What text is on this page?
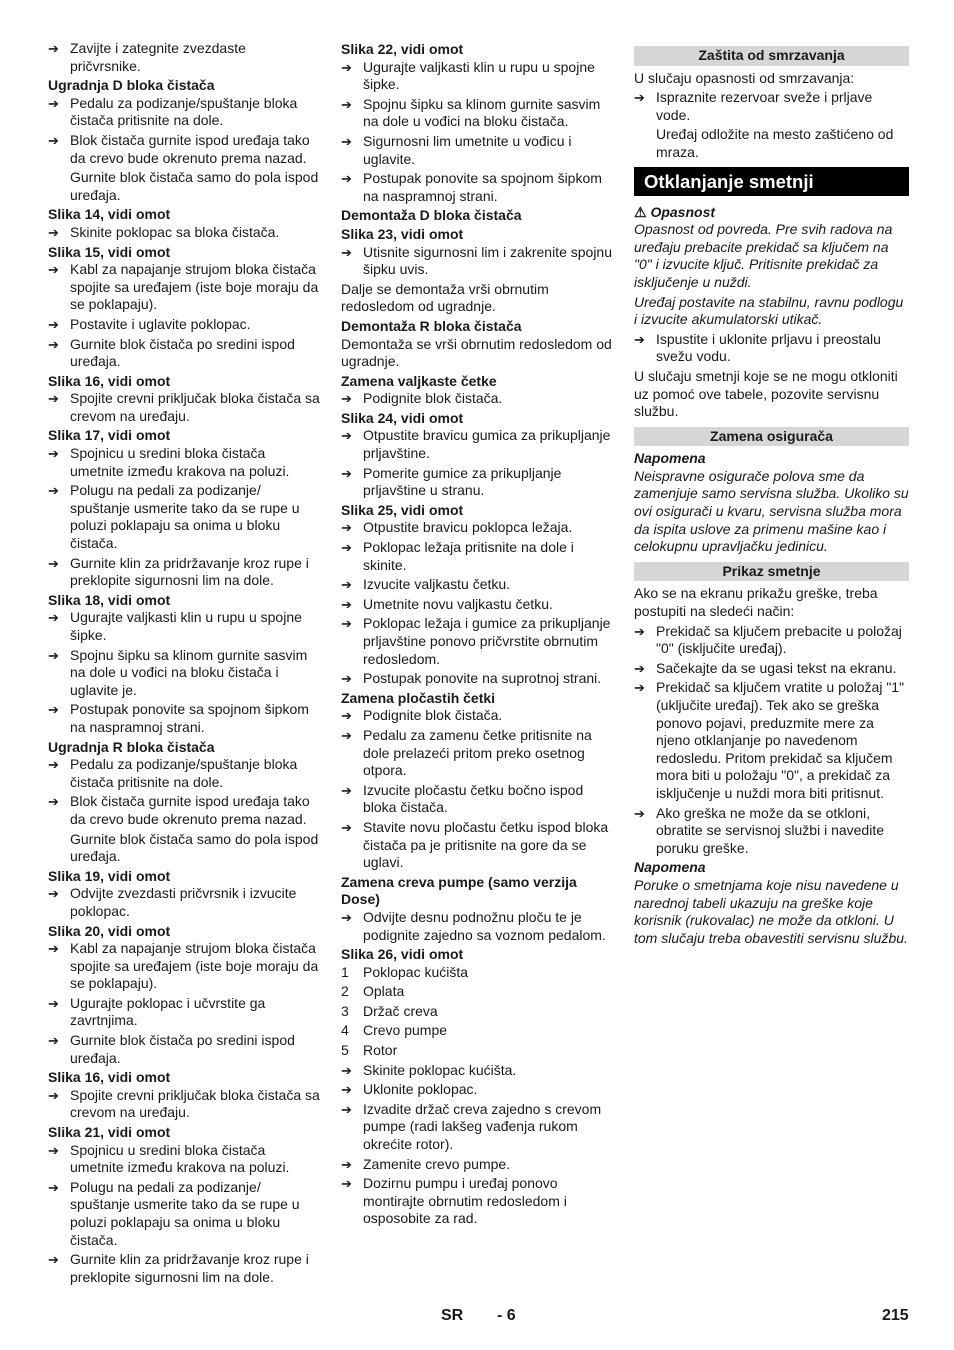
➔ Zavijte i zategnite zvezdaste pričvrsnike.
Ugradnja D bloka čistača
➔ Pedalu za podizanje/spuštanje bloka čistača pritisnite na dole.
➔ Blok čistača gurnite ispod uređaja tako da crevo bude okrenuto prema nazad.
Gurnite blok čistača samo do pola ispod uređaja.
Slika 14, vidi omot
➔ Skinite poklopac sa bloka čistača.
Slika 15, vidi omot
➔ Kabl za napajanje strujom bloka čistača spojite sa uređajem (iste boje moraju da se poklapaju).
➔ Postavite i uglavite poklopac.
➔ Gurnite blok čistača po sredini ispod uređaja.
Slika 16, vidi omot
➔ Spojite crevni priključak bloka čistača sa crevom na uređaju.
Slika 17, vidi omot
➔ Spojnicu u sredini bloka čistača umetnite između krakova na poluzi.
➔ Polugu na pedali za podizanje/ spuštanje usmerite tako da se rupe u poluzi poklapaju sa onima u bloku čistača.
➔ Gurnite klin za pridržavanje kroz rupe i preklopite sigurnosni lim na dole.
Slika 18, vidi omot
➔ Ugurajte valjkasti klin u rupu u spojne šipke.
➔ Spojnu šipku sa klinom gurnite sasvim na dole u vođici na bloku čistača i uglavite je.
➔ Postupak ponovite sa spojnom šipkom na naspramnoj strani.
Ugradnja R bloka čistača
➔ Pedalu za podizanje/spuštanje bloka čistača pritisnite na dole.
➔ Blok čistača gurnite ispod uređaja tako da crevo bude okrenuto prema nazad.
Gurnite blok čistača samo do pola ispod uređaja.
Slika 19, vidi omot
➔ Odvijte zvezdasti pričvrsnik i izvucite poklopac.
Slika 20, vidi omot
➔ Kabl za napajanje strujom bloka čistača spojite sa uređajem (iste boje moraju da se poklapaju).
➔ Ugurajte poklopac i učvrstite ga zavrtnjima.
➔ Gurnite blok čistača po sredini ispod uređaja.
Slika 16, vidi omot
➔ Spojite crevni priključak bloka čistača sa crevom na uređaju.
Slika 21, vidi omot
➔ Spojnicu u sredini bloka čistača umetnite između krakova na poluzi.
➔ Polugu na pedali za podizanje/ spuštanje usmerite tako da se rupe u poluzi poklapaju sa onima u bloku čistača.
➔ Gurnite klin za pridržavanje kroz rupe i preklopite sigurnosni lim na dole.
Slika 22, vidi omot
➔ Ugurajte valjkasti klin u rupu u spojne šipke.
➔ Spojnu šipku sa klinom gurnite sasvim na dole u vođici na bloku čistača.
➔ Sigurnosni lim umetnite u vođicu i uglavite.
➔ Postupak ponovite sa spojnom šipkom na naspramnoj strani.
Demontaža D bloka čistača
Slika 23, vidi omot
➔ Utisnite sigurnosni lim i zakrenite spojnu šipku uvis.
Dalje se demontaža vrši obrnutim redosledom od ugradnje.
Demontaža R bloka čistača
Demontaža se vrši obrnutim redosledom od ugradnje.
Zamena valjkaste četke
➔ Podignite blok čistača.
Slika 24, vidi omot
➔ Otpustite bravicu gumica za prikupljanje prljavštine.
➔ Pomerite gumice za prikupljanje prljavštine u stranu.
Slika 25, vidi omot
➔ Otpustite bravicu poklopca ležaja.
➔ Poklopac ležaja pritisnite na dole i skinite.
➔ Izvucite valjkastu četku.
➔ Umetnite novu valjkastu četku.
➔ Poklopac ležaja i gumice za prikupljanje prljavštine ponovo pričvrstite obrnutim redosledom.
➔ Postupak ponovite na suprotnoj strani.
Zamena pločastih četki
➔ Podignite blok čistača.
➔ Pedalu za zamenu četke pritisnite na dole prelazeći pritom preko osetnog otpora.
➔ Izvucite pločastu četku bočno ispod bloka čistača.
➔ Stavite novu pločastu četku ispod bloka čistača pa je pritisnite na gore da se uglavi.
Zamena creva pumpe (samo verzija Dose)
➔ Odvijte desnu podnožnu ploču te je podignite zajedno sa voznom pedalom.
Slika 26, vidi omot
1	Poklopac kućišta
2	Oplata
3	Držač creva
4	Crevo pumpe
5	Rotor
➔ Skinite poklopac kućišta.
➔ Uklonite poklopac.
➔ Izvadite držač creva zajedno s crevom pumpe (radi lakšeg vađenja rukom okrećite rotor).
➔ Zamenite crevo pumpe.
➔ Dozirnu pumpu i uređaj ponovo montirajte obrnutim redosledom i osposobite za rad.
Zaštita od smrzavanja
U slučaju opasnosti od smrzavanja:
➔ Ispraznite rezervoar sveže i prljave vode.
Uređaj odložite na mesto zaštićeno od mraza.
Otklanjanje smetnji
⚠ Opasnost
Opasnost od povreda. Pre svih radova na uređaju prebacite prekidač sa ključem na "0" i izvucite ključ. Pritisnite prekidač za isključenje u nuždi.
Uređaj postavite na stabilnu, ravnu podlogu i izvucite akumulatorski utikač.
➔ Ispustite i uklonite prljavu i preostalu svežu vodu.
U slučaju smetnji koje se ne mogu otkloniti uz pomoć ove tabele, pozovite servisnu službu.
Zamena osigurača
Napomena
Neispravne osigurače polova sme da zamenjuje samo servisna služba. Ukoliko su ovi osigurači u kvaru, servisna služba mora da ispita uslove za primenu mašine kao i celokupnu upravljačku jedinicu.
Prikaz smetnje
Ako se na ekranu prikažu greške, treba postupiti na sledeći način:
➔ Prekidač sa ključem prebacite u položaj "0" (isključite uređaj).
➔ Sačekajte da se ugasi tekst na ekranu.
➔ Prekidač sa ključem vratite u položaj "1" (uključite uređaj). Tek ako se greška ponovo pojavi, preduzmite mere za njeno otklanjanje po navedenom redosledu. Pritom prekidač sa ključem mora biti u položaju "0", a prekidač za isključenje u nuždi mora biti pritisnut.
➔ Ako greška ne može da se otkloni, obratite se servisnoj službi i navedite poruku greške.
Napomena
Poruke o smetnjama koje nisu navedene u narednoj tabeli ukazuju na greške koje korisnik (rukovalac) ne može da otkloni. U tom slučaju treba obavestiti servisnu službu.
SR - 6	215
